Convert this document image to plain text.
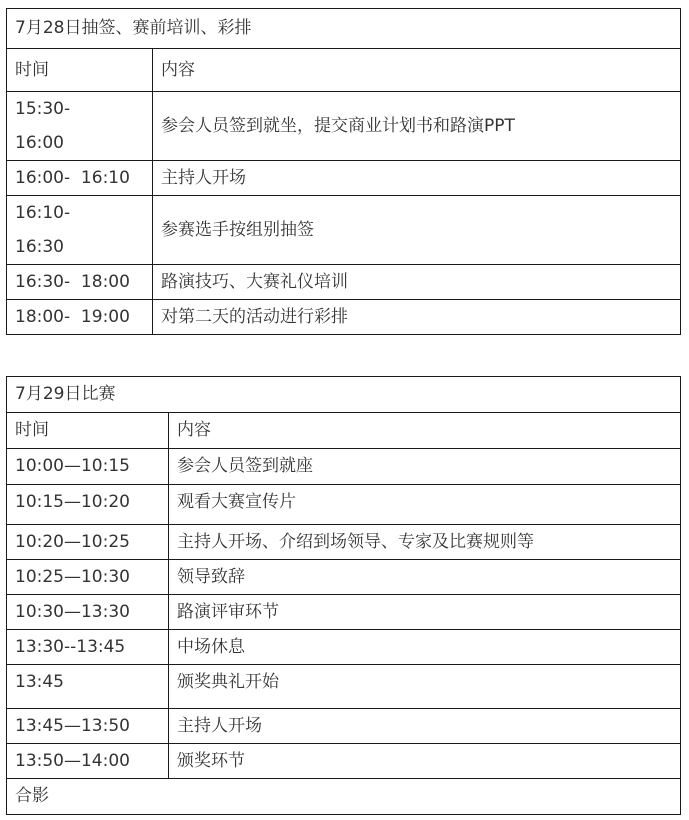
7月28日抽签、赛前培训、彩排	
时间	内容
15:30-
16:00	参会人员签到就坐，提交商业计划书和路演PPT
16:00-  16:10	主持人开场
16:10-
16:30	参赛选手按组别抽签
16:30-  18:00	路演技巧、大赛礼仪培训
18:00-  19:00	对第二天的活动进行彩排
7月29日比赛	
时间	内容
10:00—10:15	参会人员签到就座
10:15—10:20	观看大赛宣传片
10:20—10:25	主持人开场、介绍到场领导、专家及比赛规则等
10:25—10:30	领导致辞
10:30—13:30	路演评审环节
13:30--13:45	中场休息
13:45	颁奖典礼开始
13:45—13:50	主持人开场
13:50—14:00	颁奖环节
合影	
